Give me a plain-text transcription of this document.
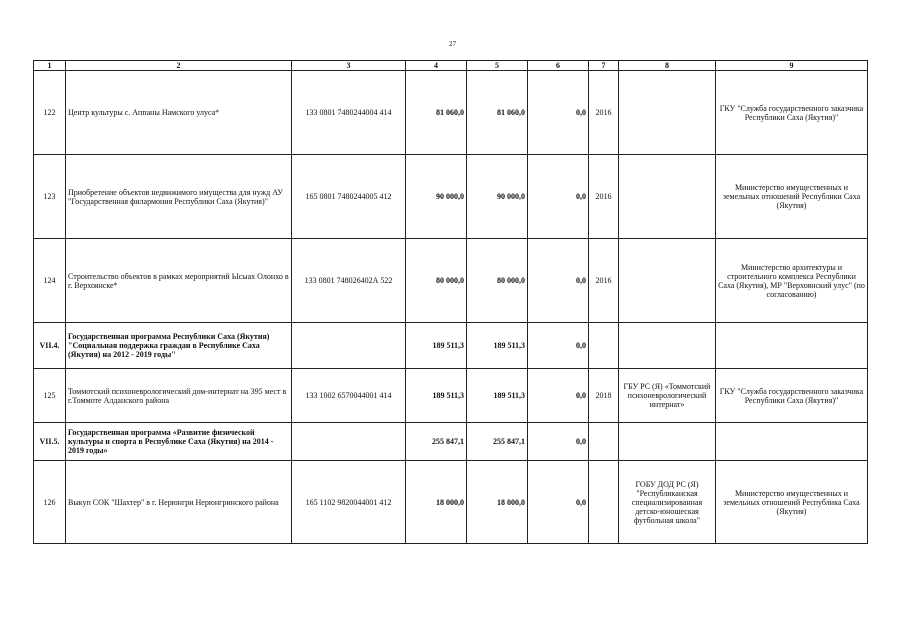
27
1	2	3	4	5	6	7	8	9
122	Центр культуры с. Аппаны Намского улуса*	133 0801 7480244004 414	81 060,0	81 060,0	0,0	2016		ГКУ "Служба государственного заказчика Республики Саха (Якутия)"
123	Приобретение объектов недвижимого имущества для нужд АУ "Государственная филармония Республики Саха (Якутия)"	165 0801 7480244005 412	90 000,0	90 000,0	0,0	2016		Министерство имущественных и земельных отношений Республики Саха (Якутия)
124	Строительство объектов в рамках мероприятий Ысыах Олонхо в г. Верхоянске*	133 0801 748026402А 522	80 000,0	80 000,0	0,0	2016		Министерство архитектуры и строительного комплекса Республики Саха (Якутия), МР "Верхоянский улус" (по согласованию)
VII.4.	Государственная программа Республики Саха (Якутия) "Социальная поддержка граждан в Республике Саха (Якутия) на 2012 - 2019 годы"		189 511,3	189 511,3	0,0			
125	Томмотский психоневрологический дом-интернат на 395 мест в г.Томмоте Алданского района	133 1002 6570044001 414	189 511,3	189 511,3	0,0	2018	ГБУ РС (Я) «Томмотский психоневрологический интернат»	ГКУ "Служба государственного заказчика Республики Саха (Якутия)"
VII.5.	Государственная программа «Развитие физической культуры и спорта в Республике Саха (Якутия) на 2014 - 2019 годы»		255 847,1	255 847,1	0,0			
126	Выкуп СОК "Шахтер" в г. Нерюнгри Нерюнгринского района	165 1102 9820044001 412	18 000,0	18 000,0	0,0		ГОБУ ДОД РС (Я) "Республиканская специализированная детско-юношеская футбольная школа"	Министерство имущественных и земельных отношений Республика Саха (Якутия)
